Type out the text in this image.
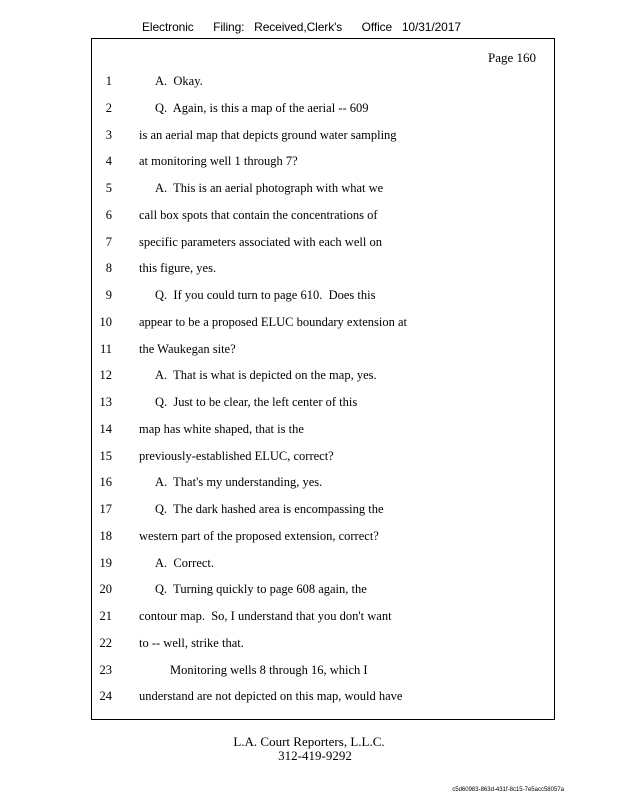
Electronic Filing: Received,Clerk's Office 10/31/2017
Page 160
1	A.  Okay.
2	Q.  Again, is this a map of the aerial -- 609
3 is an aerial map that depicts ground water sampling
4 at monitoring well 1 through 7?
5	A.  This is an aerial photograph with what we
6 call box spots that contain the concentrations of
7 specific parameters associated with each well on
8 this figure, yes.
9	Q.  If you could turn to page 610.  Does this
10 appear to be a proposed ELUC boundary extension at
11 the Waukegan site?
12	A.  That is what is depicted on the map, yes.
13	Q.  Just to be clear, the left center of this
14 map has white shaped, that is the
15 previously-established ELUC, correct?
16	A.  That's my understanding, yes.
17	Q.  The dark hashed area is encompassing the
18 western part of the proposed extension, correct?
19	A.  Correct.
20	Q.  Turning quickly to page 608 again, the
21 contour map.  So, I understand that you don't want
22 to -- well, strike that.
23	Monitoring wells 8 through 16, which I
24 understand are not depicted on this map, would have
L.A. Court Reporters, L.L.C.
312-419-9292
c5d60983-863d-431f-8c15-7e5acc58057a
